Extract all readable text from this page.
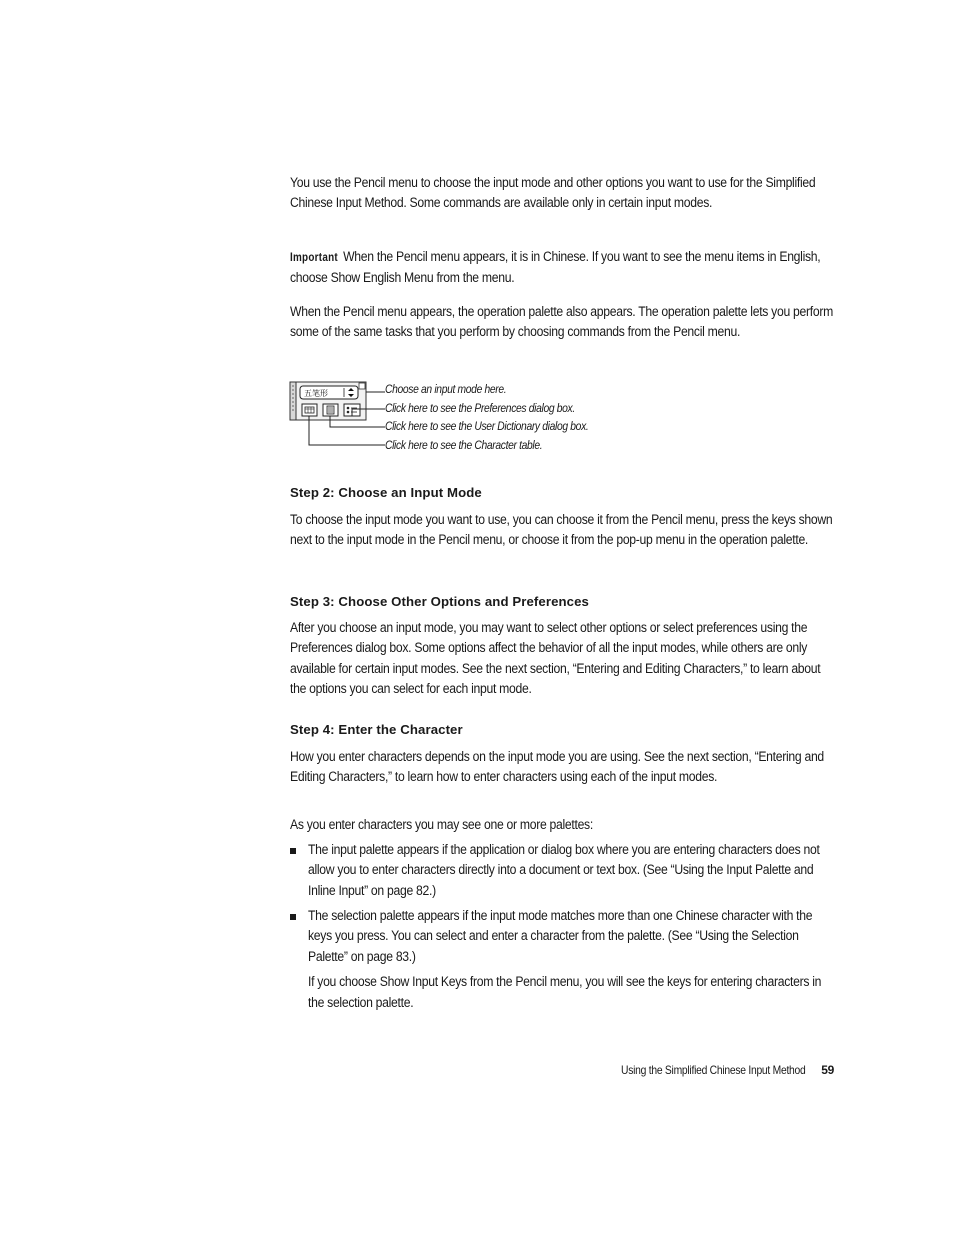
You use the Pencil menu to choose the input mode and other options you want to use for the Simplified Chinese Input Method. Some commands are available only in certain input modes.

Important When the Pencil menu appears, it is in Chinese. If you want to see the menu items in English, choose Show English Menu from the menu.

When the Pencil menu appears, the operation palette also appears. The operation palette lets you perform some of the same tasks that you perform by choosing commands from the Pencil menu.

五笔形	Choose an input mode here.
Click here to see the Preferences dialog box.
Click here to see the User Dictionary dialog box.
Click here to see the Character table.
Step 2: Choose an Input Mode

To choose the input mode you want to use, you can choose it from the Pencil menu, press the keys shown next to the input mode in the Pencil menu, or choose it from the pop-up menu in the operation palette.

Step 3: Choose Other Options and Preferences

After you choose an input mode, you may want to select other options or select preferences using the Preferences dialog box. Some options affect the behavior of all the input modes, while others are only available for certain input modes. See the next section, “Entering and Editing Characters,” to learn about the options you can select for each input mode.

Step 4: Enter the Character

How you enter characters depends on the input mode you are using. See the next section, “Entering and Editing Characters,” to learn how to enter characters using each of the input modes.

As you enter characters you may see one or more palettes:

The input palette appears if the application or dialog box where you are entering characters does not allow you to enter characters directly into a document or text box. (See “Using the Input Palette and Inline Input” on page 82.)

The selection palette appears if the input mode matches more than one Chinese character with the keys you press. You can select and enter a character from the palette. (See “Using the Selection Palette” on page 83.)

If you choose Show Input Keys from the Pencil menu, you will see the keys for entering characters in the selection palette.

Using the Simplified Chinese Input Method 59
